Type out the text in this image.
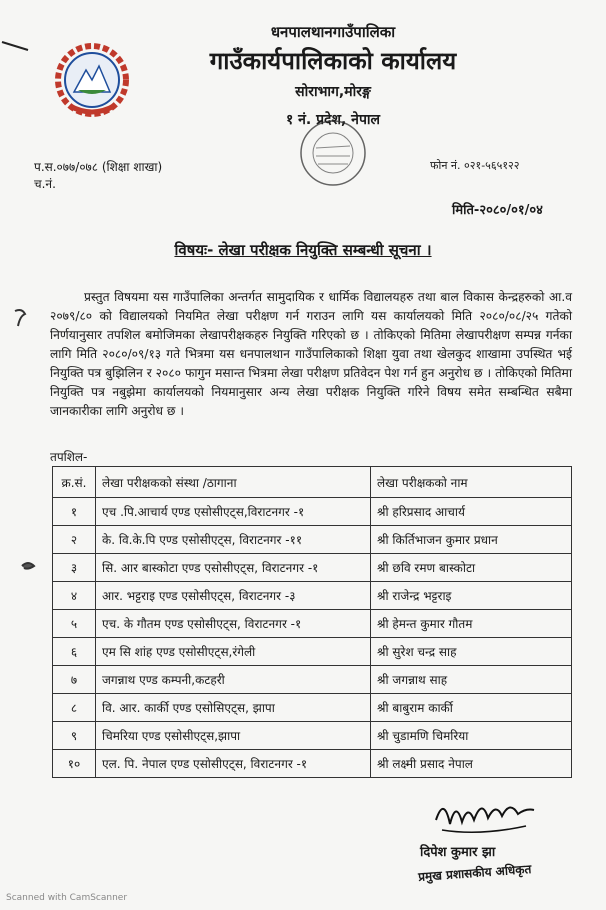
धनपालथानगाउँपालिका
गाउँकार्यपालिकाको कार्यालय
सोराभाग,मोरङ्ग
१ नं. प्रदेश, नेपाल
प.स.०७७/०७८ (शिक्षा शाखा)
च.नं.
फोन नं. ०२१-५६५१२२
मिति-२०८०/०१/०४
विषयः- लेखा परीक्षक नियुक्ति सम्बन्धी सूचना ।
प्रस्तुत विषयमा यस गाउँपालिका अन्तर्गत सामुदायिक र धार्मिक विद्यालयहरु तथा बाल विकास केन्द्रहरुको आ.व २०७९/८० को विद्यालयको नियमित लेखा परीक्षण गर्न गराउन लागि यस कार्यालयको मिति २०८०/०८/२५ गतेको निर्णयानुसार तपशिल बमोजिमका लेखापरीक्षकहरु नियुक्ति गरिएको छ । तोकिएको मितिमा लेखापरीक्षण सम्पन्न गर्नका लागि मिति २०८०/०९/१३ गते भित्रमा यस धनपालथान गाउँपालिकाको शिक्षा युवा तथा खेलकुद शाखामा उपस्थित भई नियुक्ति पत्र बुझिलिन र २०८० फागुन मसान्त भित्रमा लेखा परीक्षण प्रतिवेदन पेश गर्न हुन अनुरोध छ । तोकिएको मितिमा नियुक्ति पत्र नबुझेमा कार्यालयको नियमानुसार अन्य लेखा परीक्षक नियुक्ति गरिने विषय समेत सम्बन्धित सबैमा जानकारीका लागि अनुरोध छ ।
तपशिल-
क्र.सं.	लेखा परीक्षकको संस्था /ठागाना	लेखा परीक्षकको नाम
१	एच .पि.आचार्य एण्ड एसोसीएट्स,विराटनगर -१	श्री हरिप्रसाद आचार्य
२	के. वि.के.पि एण्ड एसोसीएट्स, विराटनगर -११	श्री किर्तिभाजन कुमार प्रधान
३	सि. आर बास्कोटा एण्ड एसोसीएट्स, विराटनगर -१	श्री छवि रमण बास्कोटा
४	आर. भट्टराइ एण्ड एसोसीएट्स, विराटनगर -३	श्री राजेन्द्र भट्टराइ
५	एच. के गौतम एण्ड एसोसीएट्स, विराटनगर -१	श्री हेमन्त कुमार गौतम
६	एम सि शांह एण्ड एसोसीएट्स,रंगेली	श्री सुरेश चन्द्र साह
७	जगन्नाथ एण्ड कम्पनी,कटहरी	श्री जगन्नाथ साह
८	वि. आर. कार्की एण्ड एसोसिएट्स, झापा	श्री बाबुराम कार्की
९	चिमरिया एण्ड एसोसीएट्स,झापा	श्री चुडामणि चिमरिया
१०	एल. पि. नेपाल एण्ड एसोसीएट्स, विराटनगर -१	श्री लक्ष्मी प्रसाद नेपाल
दिपेश कुमार झा
प्रमुख प्रशासकीय अधिकृत
Scanned with CamScanner
